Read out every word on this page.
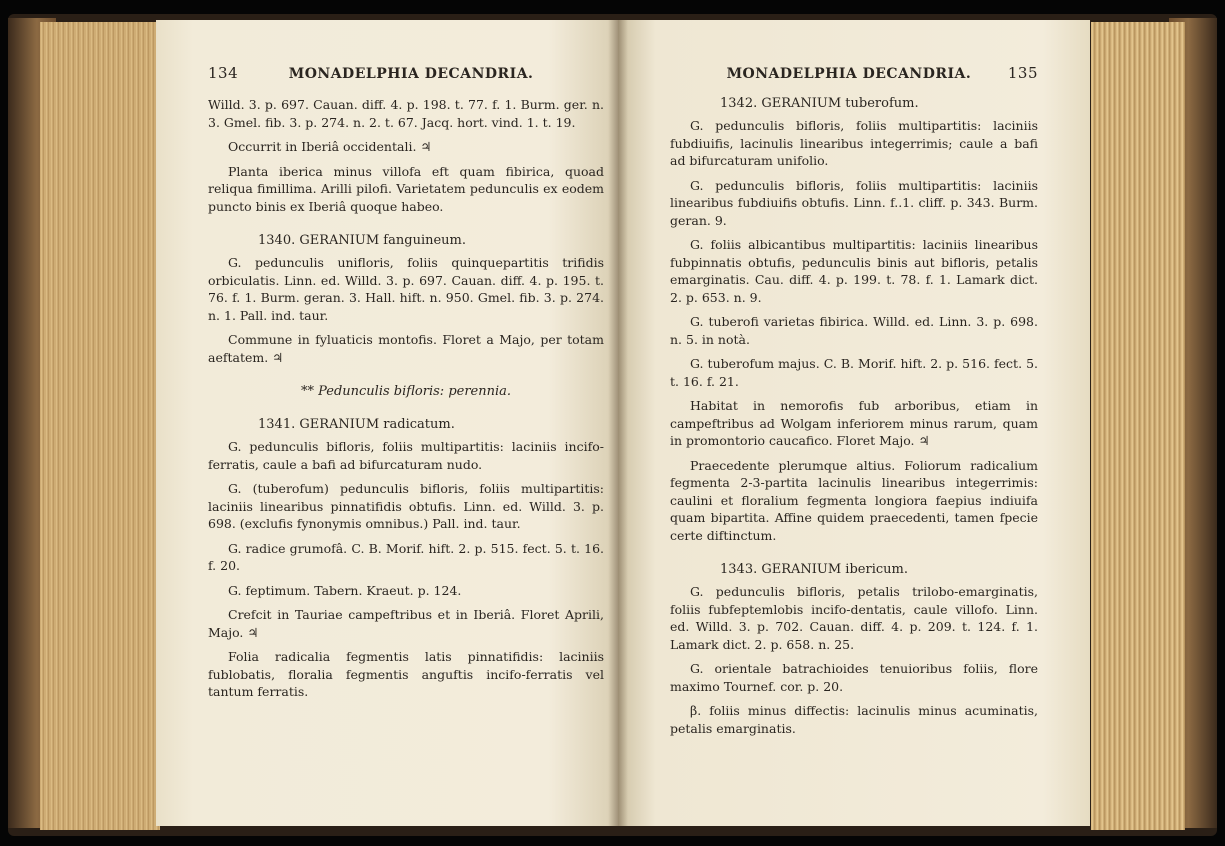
134	MONADELPHIA DECANDRIA.

Willd. 3. p. 697. Cauan. diff. 4. p. 198. t. 77. f. 1. Burm. ger. n. 3. Gmel. fib. 3. p. 274. n. 2. t. 67. Jacq. hort. vind. 1. t. 19.

Occurrit in Iberiâ occidentali. ♃

Planta iberica minus villofa eft quam fibirica, quoad reliqua fimillima. Arilli pilofi. Varietatem pedunculis ex eodem puncto binis ex Iberiâ quoque habeo.

1340. GERANIUM fanguineum.

G. pedunculis unifloris, foliis quinquepartitis trifidis orbiculatis. Linn. ed. Willd. 3. p. 697. Cauan. diff. 4. p. 195. t. 76. f. 1. Burm. geran. 3. Hall. hift. n. 950. Gmel. fib. 3. p. 274. n. 1. Pall. ind. taur.

Commune in fyluaticis montofis. Floret a Majo, per totam aeftatem. ♃

** Pedunculis bifloris: perennia.

1341. GERANIUM radicatum.

G. pedunculis bifloris, foliis multipartitis: laciniis incifo-ferratis, caule a bafi ad bifurcaturam nudo.

G. (tuberofum) pedunculis bifloris, foliis multipartitis: laciniis linearibus pinnatifidis obtufis. Linn. ed. Willd. 3. p. 698. (exclufis fynonymis omnibus.) Pall. ind. taur.

G. radice grumofâ. C. B. Morif. hift. 2. p. 515. fect. 5. t. 16. f. 20.

G. feptimum. Tabern. Kraeut. p. 124.

Crefcit in Tauriae campeftribus et in Iberiâ. Floret Aprili, Majo. ♃

Folia radicalia fegmentis latis pinnatifidis: laciniis fublobatis, floralia fegmentis anguftis incifo-ferratis vel tantum ferratis.

MONADELPHIA DECANDRIA. 135

1342. GERANIUM tuberofum.

G. pedunculis bifloris, foliis multipartitis: laciniis fubdiuifis, lacinulis linearibus integerrimis; caule a bafi ad bifurcaturam unifolio.

G. pedunculis bifloris, foliis multipartitis: laciniis linearibus fubdiuifis obtufis. Linn. f..1. cliff. p. 343. Burm. geran. 9.

G. foliis albicantibus multipartitis: laciniis linearibus fubpinnatis obtufis, pedunculis binis aut bifloris, petalis emarginatis. Cau. diff. 4. p. 199. t. 78. f. 1. Lamark dict. 2. p. 653. n. 9.

G. tuberofi varietas fibirica. Willd. ed. Linn. 3. p. 698. n. 5. in notà.

G. tuberofum majus. C. B. Morif. hift. 2. p. 516. fect. 5. t. 16. f. 21.

Habitat in nemorofis fub arboribus, etiam in campeftribus ad Wolgam inferiorem minus rarum, quam in promontorio caucafico. Floret Majo. ♃

Praecedente plerumque altius. Foliorum radicalium fegmenta 2-3-partita lacinulis linearibus integerrimis: caulini et floralium fegmenta longiora faepius indiuifa quam bipartita. Affine quidem praecedenti, tamen fpecie certe diftinctum.

1343. GERANIUM ibericum.

G. pedunculis bifloris, petalis trilobo-emarginatis, foliis fubfeptemlobis incifo-dentatis, caule villofo. Linn. ed. Willd. 3. p. 702. Cauan. diff. 4. p. 209. t. 124. f. 1. Lamark dict. 2. p. 658. n. 25.

G. orientale batrachioides tenuioribus foliis, flore maximo Tournef. cor. p. 20.

β. foliis minus diffectis: lacinulis minus acuminatis, petalis emarginatis.
